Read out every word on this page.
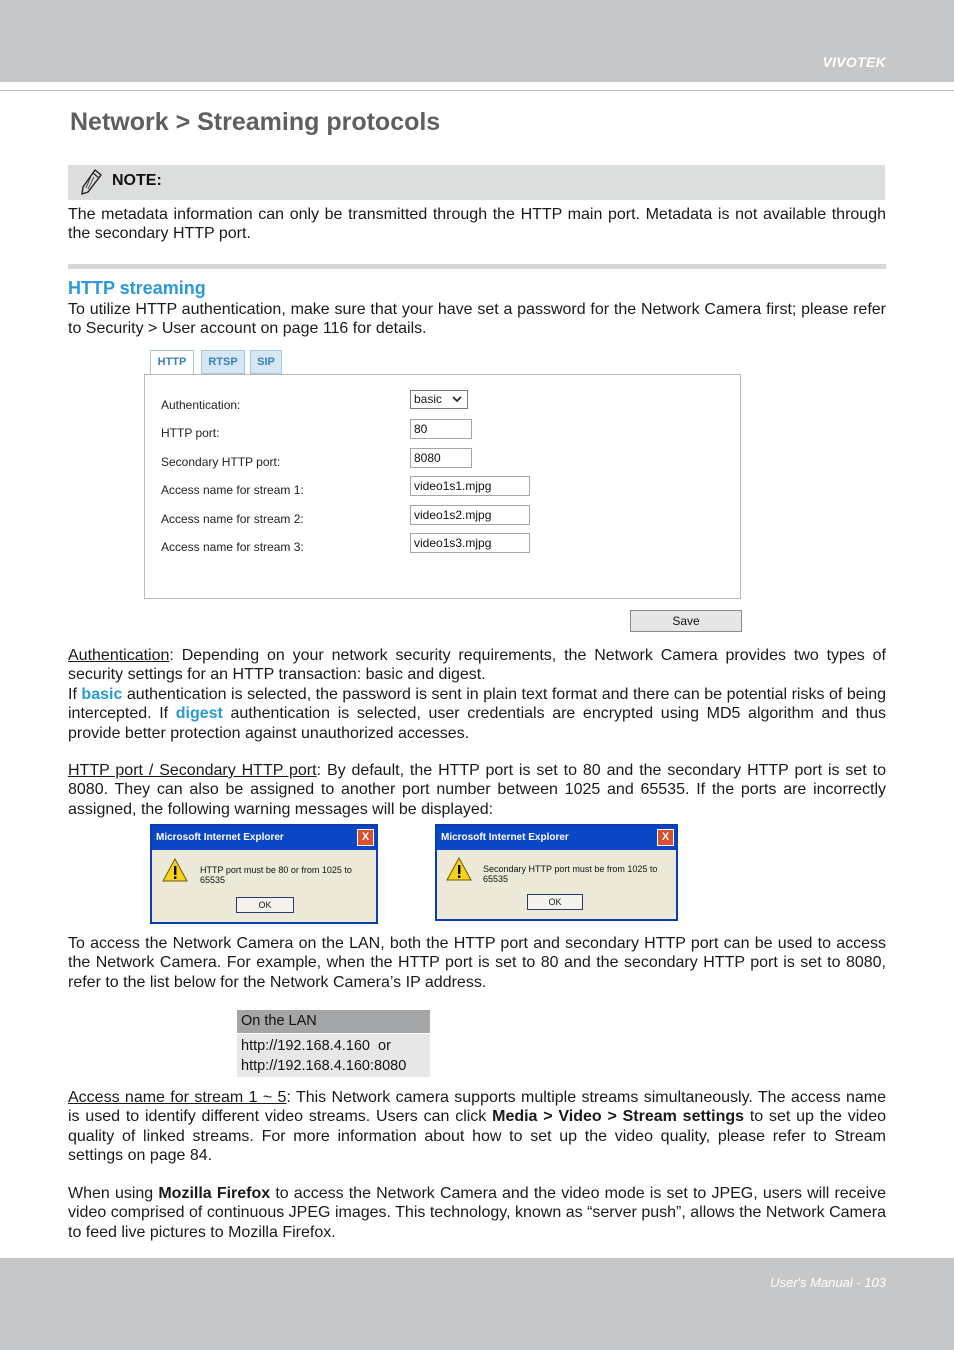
VIVOTEK
Network > Streaming protocols
NOTE:

The metadata information can only be transmitted through the HTTP main port. Metadata is not available through the secondary HTTP port.

HTTP streaming

To utilize HTTP authentication, make sure that your have set a password for the Network Camera first; please refer to Security > User account on page 116 for details.

HTTP	RTSP	SIP
Authentication:	basic
HTTP port:	80
Secondary HTTP port:	8080
Access name for stream 1:	video1s1.mjpg
Access name for stream 2:	video1s2.mjpg
Access name for stream 3:	video1s3.mjpg
Save

Authentication: Depending on your network security requirements, the Network Camera provides two types of security settings for an HTTP transaction: basic and digest.
If basic authentication is selected, the password is sent in plain text format and there can be potential risks of being intercepted. If digest authentication is selected, user credentials are encrypted using MD5 algorithm and thus provide better protection against unauthorized accesses.

HTTP port / Secondary HTTP port: By default, the HTTP port is set to 80 and the secondary HTTP port is set to 8080. They can also be assigned to another port number between 1025 and 65535. If the ports are incorrectly assigned, the following warning messages will be displayed:

Microsoft Internet Explorer	X
HTTP port must be 80 or from 1025 to 65535
OK
Microsoft Internet Explorer	X
Secondary HTTP port must be from 1025 to 65535
OK

To access the Network Camera on the LAN, both the HTTP port and secondary HTTP port can be used to access the Network Camera. For example, when the HTTP port is set to 80 and the secondary HTTP port is set to 8080, refer to the list below for the Network Camera’s IP address.

On the LAN
http://192.168.4.160  or
http://192.168.4.160:8080

Access name for stream 1 ~ 5: This Network camera supports multiple streams simultaneously. The access name is used to identify different video streams. Users can click Media > Video > Stream settings to set up the video quality of linked streams. For more information about how to set up the video quality, please refer to Stream settings on page 84.

When using Mozilla Firefox to access the Network Camera and the video mode is set to JPEG, users will receive video comprised of continuous JPEG images. This technology, known as “server push”, allows the Network Camera to feed live pictures to Mozilla Firefox.

User's Manual - 103
